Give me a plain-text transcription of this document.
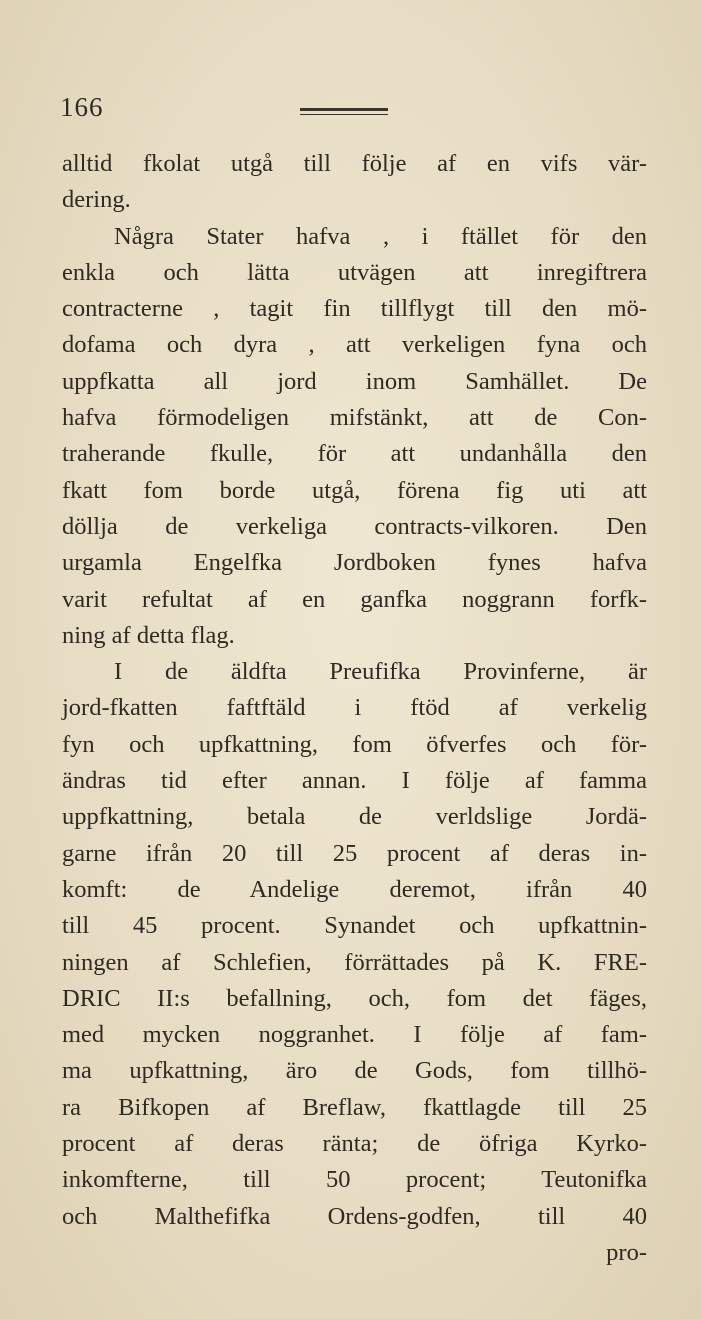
166
alltid fkolat utgå till följe af en vifs vär-
dering.
Några Stater hafva , i ftället för den
enkla och lätta utvägen att inregiftrera
contracterne , tagit fin tillflygt till den mö-
dofama och dyra , att verkeligen fyna och
uppfkatta all jord inom Samhället. De
hafva förmodeligen mifstänkt, att de Con-
traherande fkulle, för att undanhålla den
fkatt fom borde utgå, förena fig uti att
döllja de verkeliga contracts-vilkoren. Den
urgamla Engelfka Jordboken fynes hafva
varit refultat af en ganfka noggrann forfk-
ning af detta flag.
I de äldfta Preufifka Provinferne, är
jord-fkatten faftftäld i ftöd af verkelig
fyn och upfkattning, fom öfverfes och för-
ändras tid efter annan. I följe af famma
uppfkattning, betala de verldslige Jordä-
garne ifrån 20 till 25 procent af deras in-
komft: de Andelige deremot, ifrån 40
till 45 procent. Synandet och upfkattnin-
ningen af Schlefien, förrättades på K. FRE-
DRIC II:s befallning, och, fom det fäges,
med mycken noggranhet. I följe af fam-
ma upfkattning, äro de Gods, fom tillhö-
ra Bifkopen af Breflaw, fkattlagde till 25
procent af deras ränta; de öfriga Kyrko-
inkomfterne, till 50 procent; Teutonifka
och Malthefifka Ordens-godfen, till 40
pro-
